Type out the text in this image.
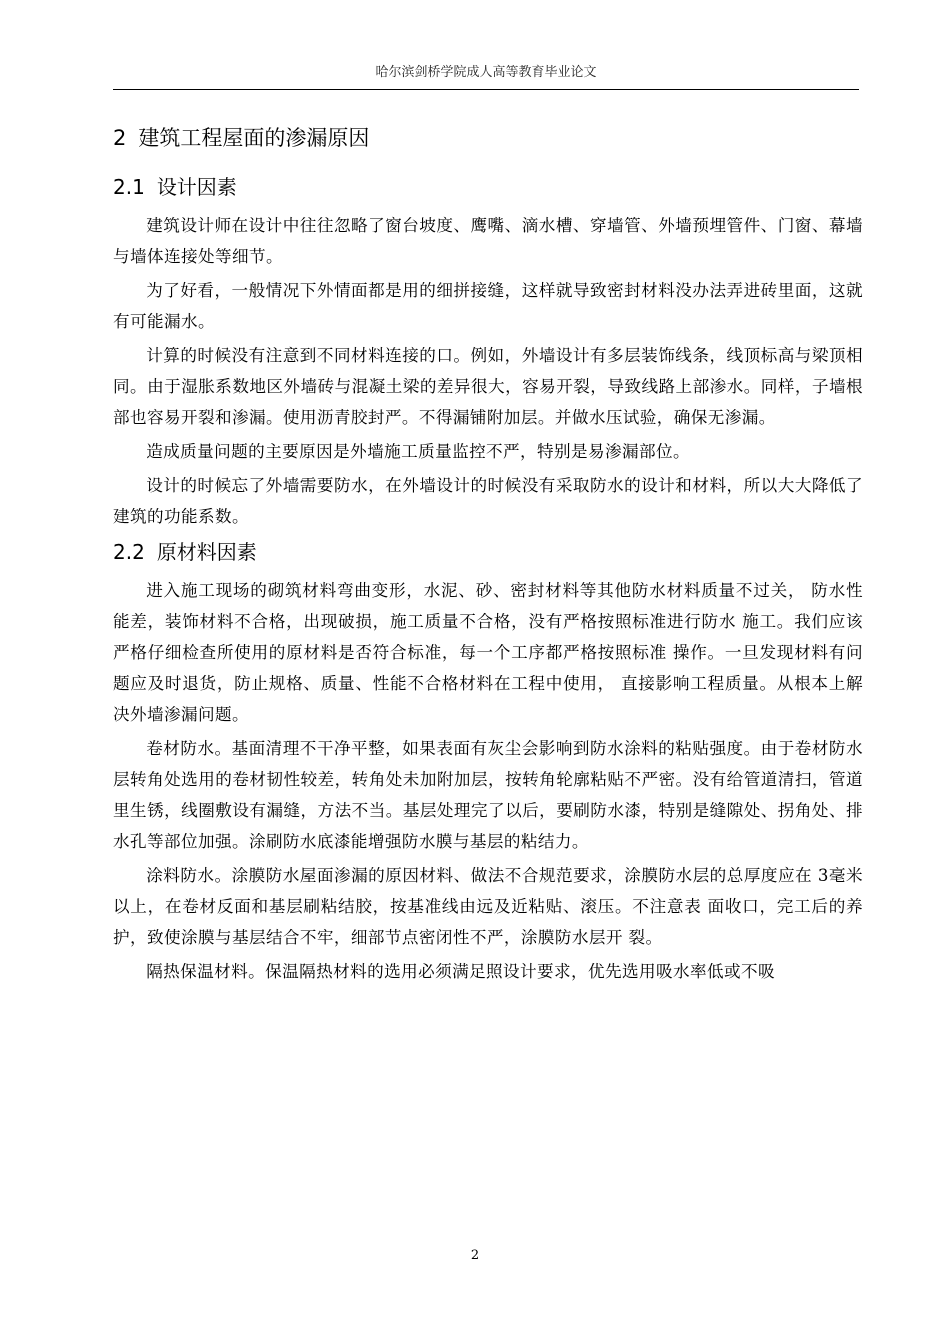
哈尔滨剑桥学院成人高等教育毕业论文
2 建筑工程屋面的渗漏原因
2.1 设计因素

建筑设计师在设计中往往忽略了窗台坡度、鹰嘴、滴水槽、穿墙管、外墙预埋管件、门窗、幕墙与墙体连接处等细节。

为了好看，一般情况下外情面都是用的细拼接缝，这样就导致密封材料没办法弄进砖里面，这就有可能漏水。

计算的时候没有注意到不同材料连接的口。例如，外墙设计有多层装饰线条，线顶标高与梁顶相同。由于湿胀系数地区外墙砖与混凝土梁的差异很大，容易开裂，导致线路上部渗水。同样，子墙根部也容易开裂和渗漏。使用沥青胶封严。不得漏铺附加层。并做水压试验，确保无渗漏。

造成质量问题的主要原因是外墙施工质量监控不严，特别是易渗漏部位。

设计的时候忘了外墙需要防水，在外墙设计的时候没有采取防水的设计和材料，所以大大降低了建筑的功能系数。

2.2 原材料因素

进入施工现场的砌筑材料弯曲变形，水泥、砂、密封材料等其他防水材料质量不过关， 防水性能差，装饰材料不合格，出现破损，施工质量不合格，没有严格按照标准进行防水 施工。我们应该严格仔细检查所使用的原材料是否符合标准，每一个工序都严格按照标准 操作。一旦发现材料有问题应及时退货，防止规格、质量、性能不合格材料在工程中使用， 直接影响工程质量。从根本上解决外墙渗漏问题。

卷材防水。基面清理不干净平整，如果表面有灰尘会影响到防水涂料的粘贴强度。由于卷材防水层转角处选用的卷材韧性较差，转角处未加附加层，按转角轮廓粘贴不严密。没有给管道清扫，管道里生锈，线圈敷设有漏缝，方法不当。基层处理完了以后，要刷防水漆，特别是缝隙处、拐角处、排水孔等部位加强。涂刷防水底漆能增强防水膜与基层的粘结力。

涂料防水。涂膜防水屋面渗漏的原因材料、做法不合规范要求，涂膜防水层的总厚度应在 3毫米以上，在卷材反面和基层刷粘结胶，按基准线由远及近粘贴、滚压。不注意表 面收口，完工后的养护，致使涂膜与基层结合不牢，细部节点密闭性不严，涂膜防水层开 裂。

隔热保温材料。保温隔热材料的选用必须满足照设计要求，优先选用吸水率低或不吸

2
